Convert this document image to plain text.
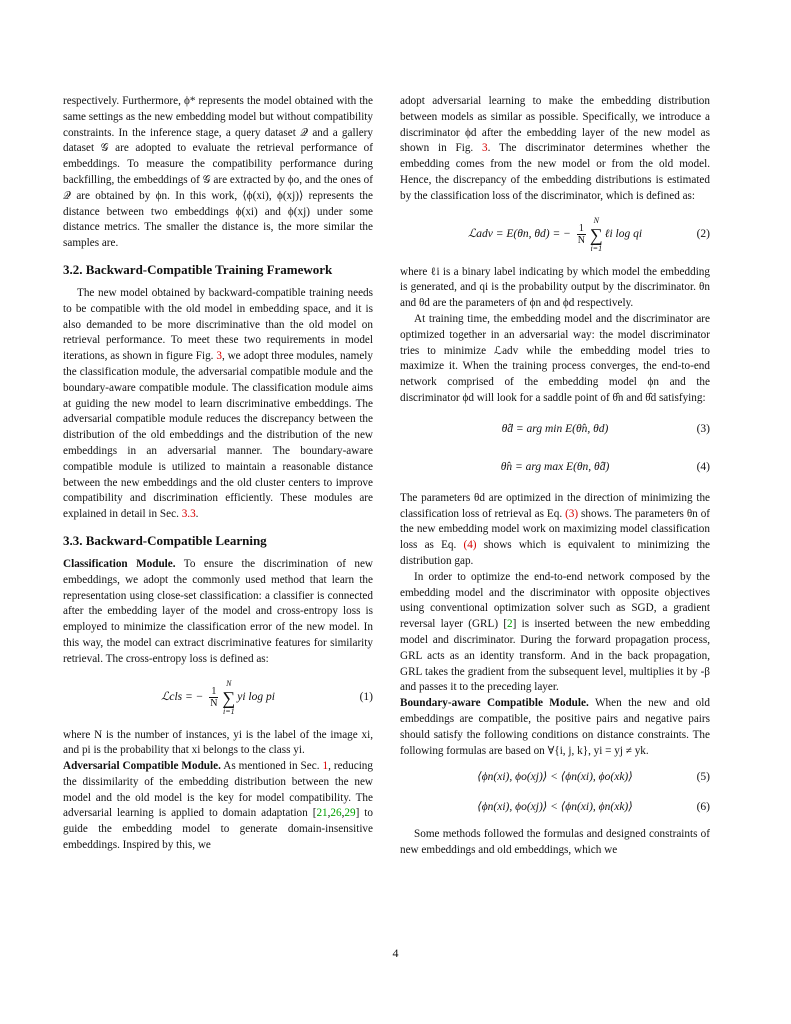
respectively. Furthermore, ϕ* represents the model obtained with the same settings as the new embedding model but without compatibility constraints. In the inference stage, a query dataset 𝒬 and a gallery dataset 𝒢 are adopted to evaluate the retrieval performance of embeddings. To measure the compatibility performance during backfilling, the embeddings of 𝒢 are extracted by ϕo, and the ones of 𝒬 are obtained by ϕn. In this work, ⟨ϕ(xi), ϕ(xj)⟩ represents the distance between two embeddings ϕ(xi) and ϕ(xj) under some distance metrics. The smaller the distance is, the more similar the samples are.

3.2. Backward-Compatible Training Framework

The new model obtained by backward-compatible training needs to be compatible with the old model in embedding space, and it is also demanded to be more discriminative than the old model on retrieval performance. To meet these two requirements in model iterations, as shown in figure Fig. 3, we adopt three modules, namely the classification module, the adversarial compatible module and the boundary-aware compatible module. The classification module aims at guiding the new model to learn discriminative embeddings. The adversarial compatible module reduces the discrepancy between the distribution of the old embeddings and the distribution of the new embeddings in an adversarial manner. The boundary-aware compatible module is utilized to maintain a reasonable distance between the new embeddings and the old cluster centers to improve compatibility and discrimination efficiently. These modules are explained in detail in Sec. 3.3.

3.3. Backward-Compatible Learning

Classification Module. To ensure the discrimination of new embeddings, we adopt the commonly used method that learn the representation using close-set classification: a classifier is connected after the embedding layer of the model and cross-entropy loss is employed to minimize the classification error of the new model. In this way, the model can extract discriminative features for similarity retrieval. The cross-entropy loss is defined as:

ℒcls = − $\frac{1}{N}$
N
∑
i=1
yi log pi	(1)

where N is the number of instances, yi is the label of the image xi, and pi is the probability that xi belongs to the class yi.

Adversarial Compatible Module. As mentioned in Sec. 1, reducing the dissimilarity of the embedding distribution between the new model and the old model is the key for model compatibility. The adversarial learning is applied to domain adaptation [21,26,29] to guide the embedding model to generate domain-insensitive embeddings. Inspired by this, we

adopt adversarial learning to make the embedding distribution between models as similar as possible. Specifically, we introduce a discriminator ϕd after the embedding layer of the new model as shown in Fig. 3. The discriminator determines whether the embedding comes from the new model or from the old model. Hence, the discrepancy of the embedding distributions is estimated by the classification loss of the discriminator, which is defined as:

ℒadv = E(θn, θd) = − $\frac{1}{N}$
N
∑
i=1
ℓi log qi	(2)

where ℓi is a binary label indicating by which model the embedding is generated, and qi is the probability output by the discriminator. θn and θd are the parameters of ϕn and ϕd respectively.

At training time, the embedding model and the discriminator are optimized together in an adversarial way: the model discriminator tries to minimize ℒadv while the embedding model tries to maximize it. When the training process converges, the end-to-end network comprised of the embedding model ϕn and the discriminator ϕd will look for a saddle point of θ̂n and θ̂d satisfying:

θ̂d = arg min E(θ̂n, θd)	(3)
θ̂n = arg max E(θn, θ̂d)	(4)

The parameters θd are optimized in the direction of minimizing the classification loss of retrieval as Eq. (3) shows. The parameters θn of the new embedding model work on maximizing model classification loss as Eq. (4) shows which is equivalent to minimizing the distribution gap.

In order to optimize the end-to-end network composed by the embedding model and the discriminator with opposite objectives using conventional optimization solver such as SGD, a gradient reversal layer (GRL) [2] is inserted between the new embedding model and discriminator. During the forward propagation process, GRL acts as an identity transform. And in the back propagation, GRL takes the gradient from the subsequent level, multiplies it by -β and passes it to the preceding layer.

Boundary-aware Compatible Module. When the new and old embeddings are compatible, the positive pairs and negative pairs should satisfy the following conditions on distance constraints. The following formulas are based on ∀{i, j, k}, yi = yj ≠ yk.

⟨ϕn(xi), ϕo(xj)⟩ < ⟨ϕn(xi), ϕo(xk)⟩	(5)
⟨ϕn(xi), ϕo(xj)⟩ < ⟨ϕn(xi), ϕn(xk)⟩	(6)

Some methods followed the formulas and designed constraints of new embeddings and old embeddings, which we

4
